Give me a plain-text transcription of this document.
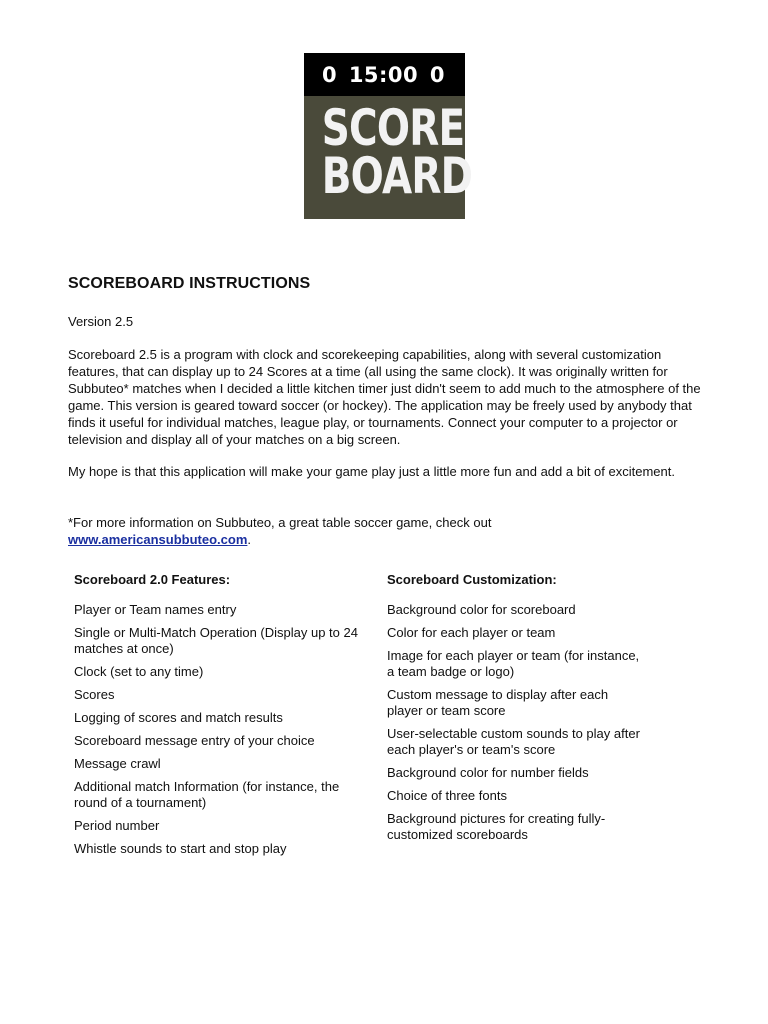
0 15:00 0
SCORE
BOARD
SCOREBOARD INSTRUCTIONS

Version 2.5

Scoreboard 2.5 is a program with clock and scorekeeping capabilities, along with several customization features, that can display up to 24 Scores at a time (all using the same clock). It was originally written for Subbuteo* matches when I decided a little kitchen timer just didn't seem to add much to the atmosphere of the game. This version is geared toward soccer (or hockey). The application may be freely used by anybody that finds it useful for individual matches, league play, or tournaments. Connect your computer to a projector or television and display all of your matches on a big screen.

My hope is that this application will make your game play just a little more fun and add a bit of excitement.

*For more information on Subbuteo, a great table soccer game, check out
www.americansubbuteo.com.

Scoreboard 2.0 Features:
Player or Team names entry
Single or Multi-Match Operation (Display up to 24 matches at once)
Clock (set to any time)
Scores
Logging of scores and match results
Scoreboard message entry of your choice
Message crawl
Additional match Information (for instance, the round of a tournament)
Period number
Whistle sounds to start and stop play
Scoreboard Customization:
Background color for scoreboard
Color for each player or team
Image for each player or team (for instance, a team badge or logo)
Custom message to display after each player or team score
User-selectable custom sounds to play after each player's or team's score
Background color for number fields
Choice of three fonts
Background pictures for creating fully-customized scoreboards
